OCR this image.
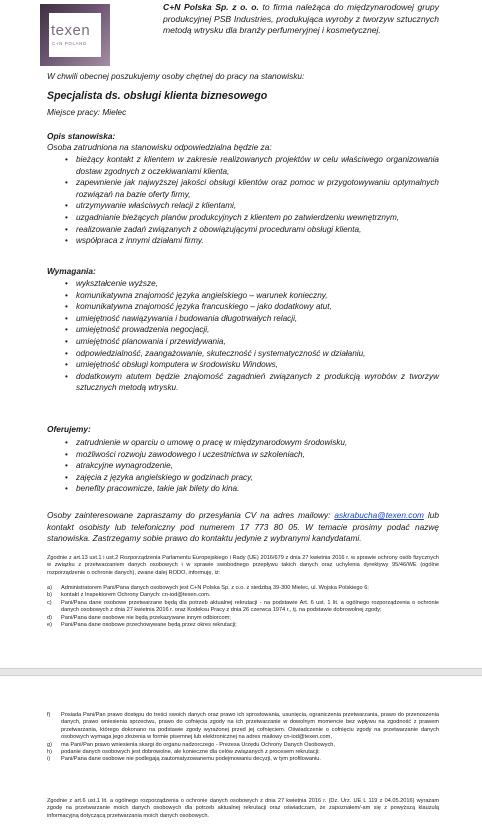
texen
C+N POLAND
C+N Polska Sp. z o. o. to firma należąca do międzynarodowej grupy produkcyjnej PSB Industries, produkująca wyroby z tworzyw sztucznych metodą wtrysku dla branży perfumeryjnej i kosmetycznej.
W chwili obecnej poszukujemy osoby chętnej do pracy na stanowisku:
Specjalista ds. obsługi klienta biznesowego
Miejsce pracy: Mielec
Opis stanowiska:
Osoba zatrudniona na stanowisku odpowiedzialna będzie za:
• bieżący kontakt z klientem w zakresie realizowanych projektów w celu właściwego organizowania dostaw zgodnych z oczekiwaniami klienta,
• zapewnienie jak najwyższej jakości obsługi klientów oraz pomoc w przygotowywaniu optymalnych rozwiązań na bazie oferty firmy,
• utrzymywanie właściwych relacji z klientami,
• uzgadnianie bieżących planów produkcyjnych z klientem po zatwierdzeniu wewnętrznym,
• realizowanie zadań związanych z obowiązującymi procedurami obsługi klienta,
• współpraca z innymi działami firmy.
Wymagania:
• wykształcenie wyższe,
• komunikatywna znajomość języka angielskiego – warunek konieczny,
• komunikatywna znajomość języka francuskiego – jako dodatkowy atut,
• umiejętność nawiązywania i budowania długotrwałych relacji,
• umiejętność prowadzenia negocjacji,
• umiejętność planowania i przewidywania,
• odpowiedzialność, zaangażowanie, skuteczność i systematyczność w działaniu,
• umiejętność obsługi komputera w środowisku Windows,
• dodatkowym atutem będzie znajomość zagadnień związanych z produkcją wyrobów z tworzyw sztucznych metodą wtrysku.
Oferujemy:
• zatrudnienie w oparciu o umowę o pracę w międzynarodowym środowisku,
• możliwości rozwoju zawodowego i uczestnictwa w szkoleniach,
• atrakcyjne wynagrodzenie,
• zajęcia z języka angielskiego w godzinach pracy,
• benefity pracownicze, takie jak bilety do kina.
Osoby zainteresowane zapraszamy do przesyłania CV na adres mailowy: askrabucha@texen.com lub kontakt osobisty lub telefoniczny pod numerem 17 773 80 05. W temacie prosimy podać nazwę stanowiska. Zastrzegamy sobie prawo do kontaktu jedynie z wybranymi kandydatami.
Zgodnie z art.13 ust.1 i ust.2 Rozporządzenia Parlamentu Europejskiego i Rady (UE) 2016/679 z dnia 27 kwietnia 2016 r. w sprawie ochrony osób fizycznych w związku z przetwarzaniem danych osobowych i w sprawie swobodnego przepływu takich danych oraz uchylenia dyrektywy 95/46/WE (ogólne rozporządzenie o ochronie danych), zwane dalej RODO, informuję, iż:
a)	Administratorem Pani/Pana danych osobowych jest C+N Polska Sp. z o.o. z siedzibą 39-300 Mielec, ul. Wojska Polskiego 6;
b)	kontakt z Inspektorem Ochrony Danych: cn-iod@texen.com.
c)	Pani/Pana dane osobowe przetwarzane będą dla potrzeb aktualnej rekrutacji - na podstawie Art. 6 ust. 1 lit. a ogólnego rozporządzenia o ochronie danych osobowych z dnia 27 kwietnia 2016 r. oraz Kodeksu Pracy z dnia 26 czerwca 1974 r., tj. na podstawie dobrowolnej zgody;
d)	Pani/Pana dane osobowe nie będą przekazywane innym odbiorcom;
e)	Pani/Pana dane osobowe przechowywane będą przez okres rekrutacji;
f)	Posiada Pani/Pan prawo dostępu do treści swoich danych oraz prawo ich sprostowania, usunięcia, ograniczenia przetwarzania, prawo do przenoszenia danych, prawo wniesienia sprzeciwu, prawo do cofnięcia zgody na ich przetwarzanie w dowolnym momencie bez wpływu na zgodność z prawem przetwarzania, którego dokonano na podstawie zgody wyrażonej przed jej cofnięciem. Oświadczenie o cofnięciu zgody na przetwarzanie danych osobowych wymaga jego złożenia w formie pisemnej lub elektronicznej na adres mailowy cn-iod@texen.com,
g)	ma Pani/Pan prawo wniesienia skargi do organu nadzorczego - Prezesa Urzędu Ochrony Danych Osobowych,
h)	podanie danych osobowych jest dobrowolne, ale konieczne dla celów związanych z procesem rekrutacji;
i)	Pani/Pana dane osobowe nie podlegają zautomatyzowanemu podejmowaniu decyzji, w tym profilowaniu.
Zgodnie z art.6 ust.1 lit. a ogólnego rozporządzenia o ochronie danych osobowych z dnia 27 kwietnia 2016 r. (Dz. Urz. UE L 119 z 04.05.2016) wyrażam zgodę na przetwarzanie moich danych osobowych dla potrzeb aktualnej rekrutacji oraz oświadczam, że zapoznałem/-am się z powyższą klauzulą informacyjną dotyczącą przetwarzania moich danych osobowych.
